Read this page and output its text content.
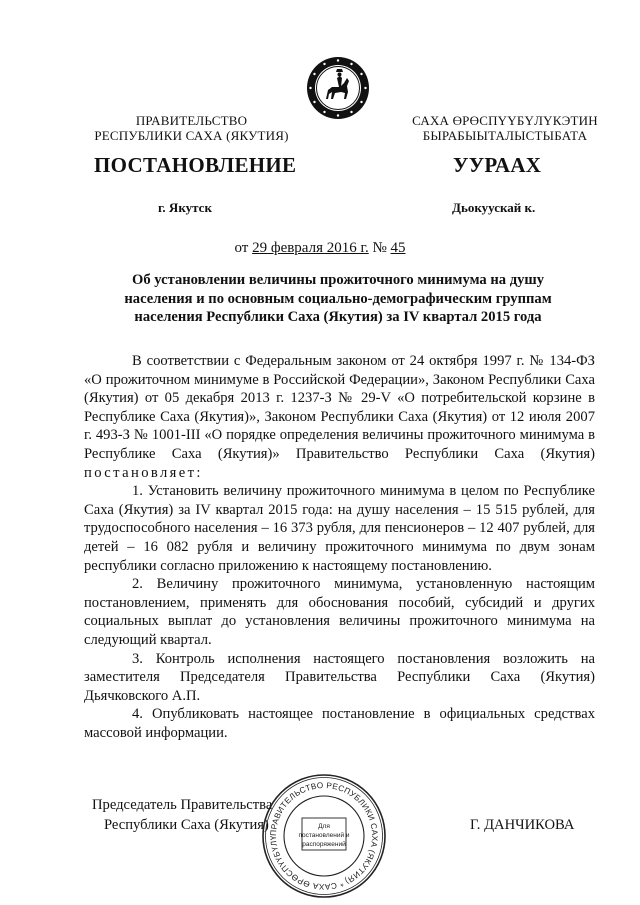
ПРАВИТЕЛЬСТВО
РЕСПУБЛИКИ САХА (ЯКУТИЯ)
САХА ӨРӨСПҮҮБҮЛҮКЭТИН
БЫРАБЫЫТАЛЫСТЫБАТА
ПОСТАНОВЛЕНИЕ	УУРААХ
г. Якутск	Дьокуускай к.
от 29 февраля 2016 г. № 45
Об установлении величины прожиточного минимума на душу
населения и по основным социально-демографическим группам
населения Республики Саха (Якутия) за IV квартал 2015 года

В соответствии с Федеральным законом от 24 октября 1997 г. № 134-ФЗ «О прожиточном минимуме в Российской Федерации», Законом Республики Саха (Якутия) от 05 декабря 2013 г. 1237-З № 29-V «О потребительской корзине в Республике Саха (Якутия)», Законом Республики Саха (Якутия) от 12 июля 2007 г. 493-З № 1001-III «О порядке определения величины прожиточного минимума в Республике Саха (Якутия)» Правительство Республики Саха (Якутия) постановляет:

1. Установить величину прожиточного минимума в целом по Республике Саха (Якутия) за IV квартал 2015 года: на душу населения – 15 515 рублей, для трудоспособного населения – 16 373 рубля, для пенсионеров – 12 407 рублей, для детей – 16 082 рубля и величину прожиточного минимума по двум зонам республики согласно приложению к настоящему постановлению.

2. Величину прожиточного минимума, установленную настоящим постановлением, применять для обоснования пособий, субсидий и других социальных выплат до установления величины прожиточного минимума на следующий квартал.

3. Контроль исполнения настоящего постановления возложить на заместителя Председателя Правительства Республики Саха (Якутия) Дьячковского А.П.

4. Опубликовать настоящее постановление в официальных средствах массовой информации.

Председатель Правительства
Республики Саха (Якутия)	Г. ДАНЧИКОВА
ПРАВИТЕЛЬСТВО РЕСПУБЛИКИ САХА (ЯКУТИЯ) * САХА ӨРӨСПҮҮБҮЛҮ
Для
постановлений и
распоряжений
